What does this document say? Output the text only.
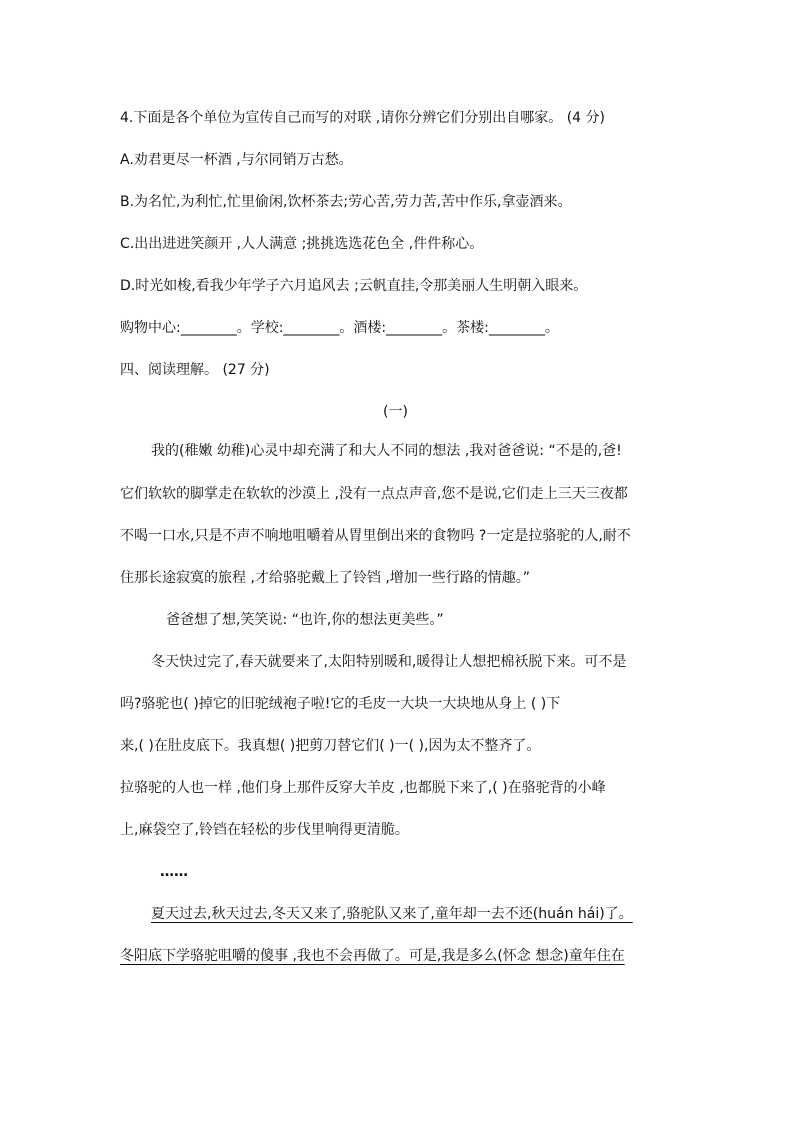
4.下面是各个单位为宣传自己而写的对联 ,请你分辨它们分别出自哪家。 (4 分)
A.劝君更尽一杯酒 ,与尔同销万古愁。
B.为名忙,为利忙,忙里偷闲,饮杯茶去;劳心苦,劳力苦,苦中作乐,拿壶酒来。
C.出出进进笑颜开 ,人人满意 ;挑挑选选花色全 ,件件称心。
D.时光如梭,看我少年学子六月追风去 ;云帆直挂,令那美丽人生明朝入眼来。
购物中心:________。学校:________。酒楼:________。茶楼:________。
四、阅读理解。 (27 分)
(一)
我的(稚嫩 幼稚)心灵中却充满了和大人不同的想法 ,我对爸爸说: “不是的,爸!
它们软软的脚掌走在软软的沙漠上 ,没有一点点声音,您不是说,它们走上三天三夜都
不喝一口水,只是不声不响地咀嚼着从胃里倒出来的食物吗 ?一定是拉骆驼的人,耐不
住那长途寂寞的旅程 ,才给骆驼戴上了铃铛 ,增加一些行路的情趣。”
爸爸想了想,笑笑说: “也许,你的想法更美些。”
冬天快过完了,春天就要来了,太阳特别暖和,暖得让人想把棉袄脱下来。可不是
吗?骆驼也( )掉它的旧驼绒袍子啦!它的毛皮一大块一大块地从身上 ( )下
来,( )在肚皮底下。我真想( )把剪刀替它们( )一( ),因为太不整齐了。
拉骆驼的人也一样 ,他们身上那件反穿大羊皮 ,也都脱下来了,( )在骆驼背的小峰
上,麻袋空了,铃铛在轻松的步伐里响得更清脆。
……
夏天过去,秋天过去,冬天又来了,骆驼队又来了,童年却一去不还(huán hái)了。
冬阳底下学骆驼咀嚼的傻事 ,我也不会再做了。可是,我是多么(怀念 想念)童年住在
